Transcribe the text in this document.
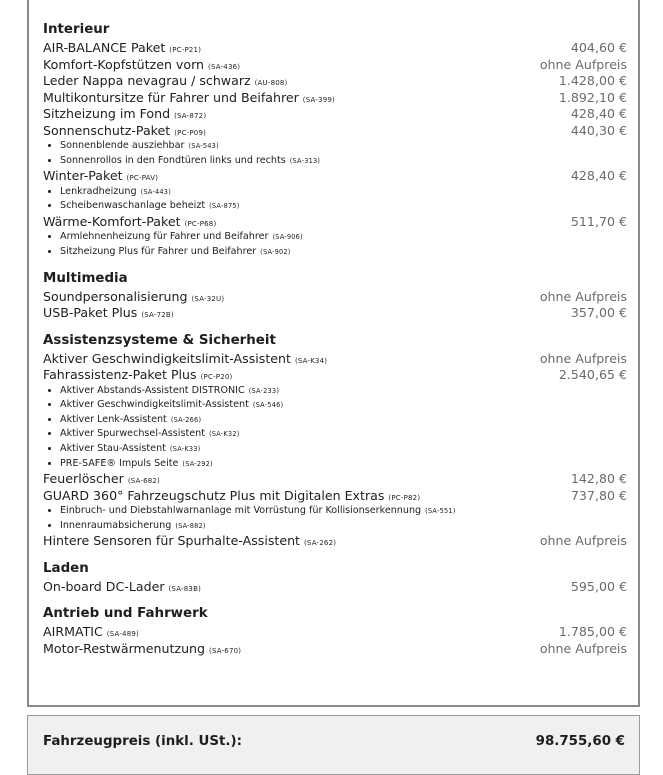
Interieur
AIR-BALANCE Paket (PC-P21)	404,60 €
Komfort-Kopfstützen vorn (SA-436)	ohne Aufpreis
Leder Nappa nevagrau / schwarz (AU-808)	1.428,00 €
Multikontursitze für Fahrer und Beifahrer (SA-399)	1.892,10 €
Sitzheizung im Fond (SA-872)	428,40 €
Sonnenschutz-Paket (PC-P09)	440,30 €
• Sonnenblende ausziehbar (SA-543)
• Sonnenrollos in den Fondtüren links und rechts (SA-313)
Winter-Paket (PC-PAV)	428,40 €
• Lenkradheizung (SA-443)
• Scheibenwaschanlage beheizt (SA-875)
Wärme-Komfort-Paket (PC-P68)	511,70 €
• Armlehnenheizung für Fahrer und Beifahrer (SA-906)
• Sitzheizung Plus für Fahrer und Beifahrer (SA-902)
Multimedia
Soundpersonalisierung (SA-32U)	ohne Aufpreis
USB-Paket Plus (SA-72B)	357,00 €
Assistenzsysteme & Sicherheit
Aktiver Geschwindigkeitslimit-Assistent (SA-K34)	ohne Aufpreis
Fahrassistenz-Paket Plus (PC-P20)	2.540,65 €
• Aktiver Abstands-Assistent DISTRONIC (SA-233)
• Aktiver Geschwindigkeitslimit-Assistent (SA-546)
• Aktiver Lenk-Assistent (SA-266)
• Aktiver Spurwechsel-Assistent (SA-K32)
• Aktiver Stau-Assistent (SA-K33)
• PRE-SAFE® Impuls Seite (SA-292)
Feuerlöscher (SA-682)	142,80 €
GUARD 360° Fahrzeugschutz Plus mit Digitalen Extras (PC-P82)	737,80 €
• Einbruch- und Diebstahlwarnanlage mit Vorrüstung für Kollisionserkennung (SA-551)
• Innenraumabsicherung (SA-882)
Hintere Sensoren für Spurhalte-Assistent (SA-262)	ohne Aufpreis
Laden
On-board DC-Lader (SA-83B)	595,00 €
Antrieb und Fahrwerk
AIRMATIC (SA-489)	1.785,00 €
Motor-Restwärmenutzung (SA-670)	ohne Aufpreis
Fahrzeugpreis (inkl. USt.):	98.755,60 €
